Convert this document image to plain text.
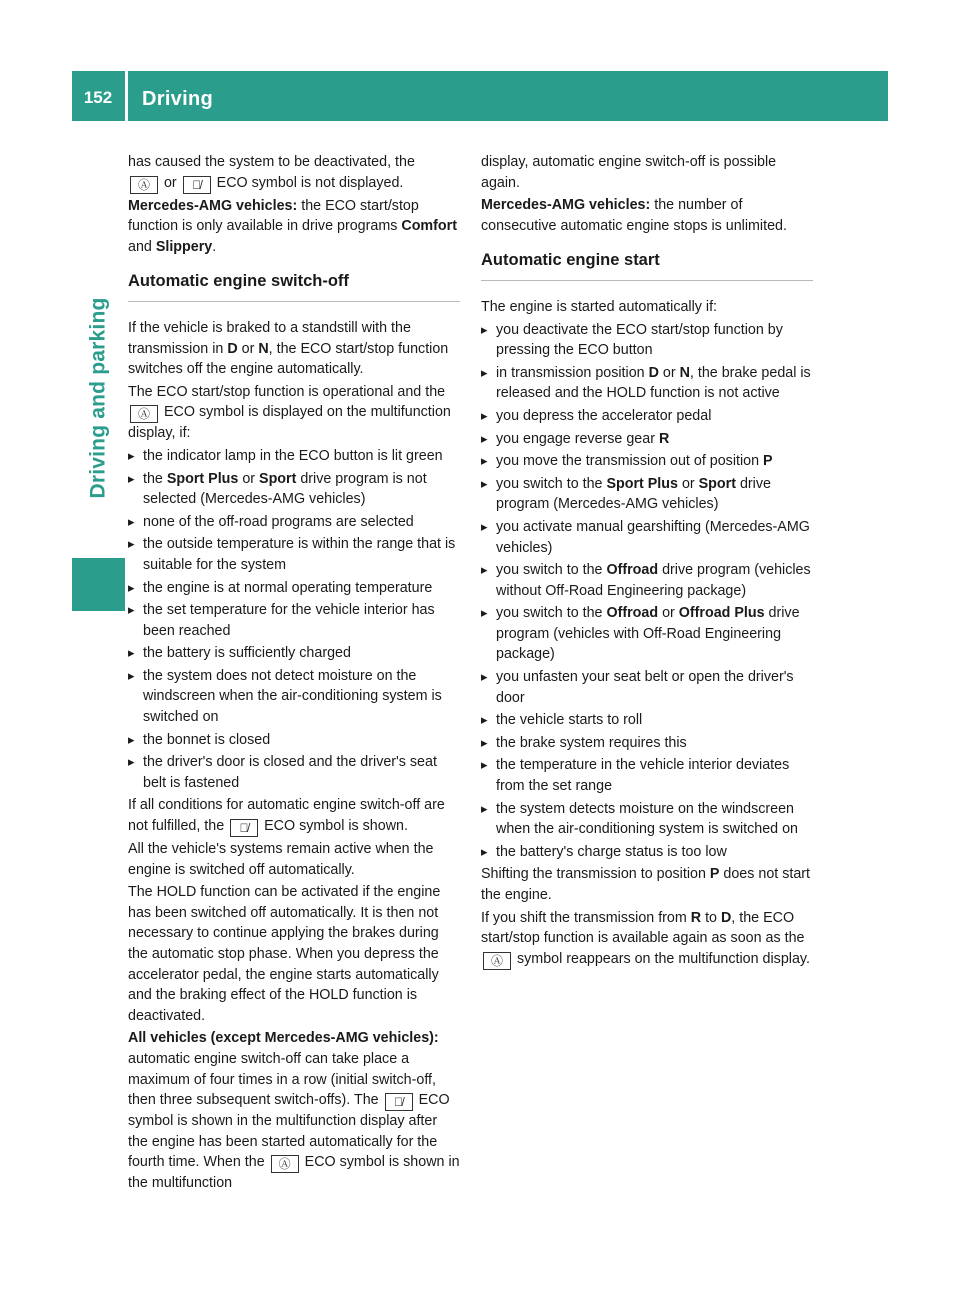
152	Driving
Driving and parking

has caused the system to be deactivated, the
Ⓐ or Ⓐ̸ ECO symbol is not displayed.

Mercedes-AMG vehicles: the ECO start/stop function is only available in drive programs Comfort and Slippery.

Automatic engine switch-off

If the vehicle is braked to a standstill with the transmission in D or N, the ECO start/stop function switches off the engine automatically.

The ECO start/stop function is operational and the Ⓐ ECO symbol is displayed on the multifunction display, if:

▸ the indicator lamp in the ECO button is lit green
▸ the Sport Plus or Sport drive program is not selected (Mercedes-AMG vehicles)
▸ none of the off-road programs are selected
▸ the outside temperature is within the range that is suitable for the system
▸ the engine is at normal operating temperature
▸ the set temperature for the vehicle interior has been reached
▸ the battery is sufficiently charged
▸ the system does not detect moisture on the windscreen when the air-conditioning system is switched on
▸ the bonnet is closed
▸ the driver's door is closed and the driver's seat belt is fastened

If all conditions for automatic engine switch-off are not fulfilled, the Ⓐ̸ ECO symbol is shown.

All the vehicle's systems remain active when the engine is switched off automatically.

The HOLD function can be activated if the engine has been switched off automatically. It is then not necessary to continue applying the brakes during the automatic stop phase. When you depress the accelerator pedal, the engine starts automatically and the braking effect of the HOLD function is deactivated.

All vehicles (except Mercedes-AMG vehicles): automatic engine switch-off can take place a maximum of four times in a row (initial switch-off, then three subsequent switch-offs). The Ⓐ̸ ECO symbol is shown in the multifunction display after the engine has been started automatically for the fourth time. When the Ⓐ ECO symbol is shown in the multifunction

display, automatic engine switch-off is possible again.

Mercedes-AMG vehicles: the number of consecutive automatic engine stops is unlimited.

Automatic engine start

The engine is started automatically if:

▸ you deactivate the ECO start/stop function by pressing the ECO button
▸ in transmission position D or N, the brake pedal is released and the HOLD function is not active
▸ you depress the accelerator pedal
▸ you engage reverse gear R
▸ you move the transmission out of position P
▸ you switch to the Sport Plus or Sport drive program (Mercedes-AMG vehicles)
▸ you activate manual gearshifting (Mercedes-AMG vehicles)
▸ you switch to the Offroad drive program (vehicles without Off-Road Engineering package)
▸ you switch to the Offroad or Offroad Plus drive program (vehicles with Off-Road Engineering package)
▸ you unfasten your seat belt or open the driver's door
▸ the vehicle starts to roll
▸ the brake system requires this
▸ the temperature in the vehicle interior deviates from the set range
▸ the system detects moisture on the windscreen when the air-conditioning system is switched on
▸ the battery's charge status is too low

Shifting the transmission to position P does not start the engine.

If you shift the transmission from R to D, the ECO start/stop function is available again as soon as the Ⓐ symbol reappears on the multifunction display.
